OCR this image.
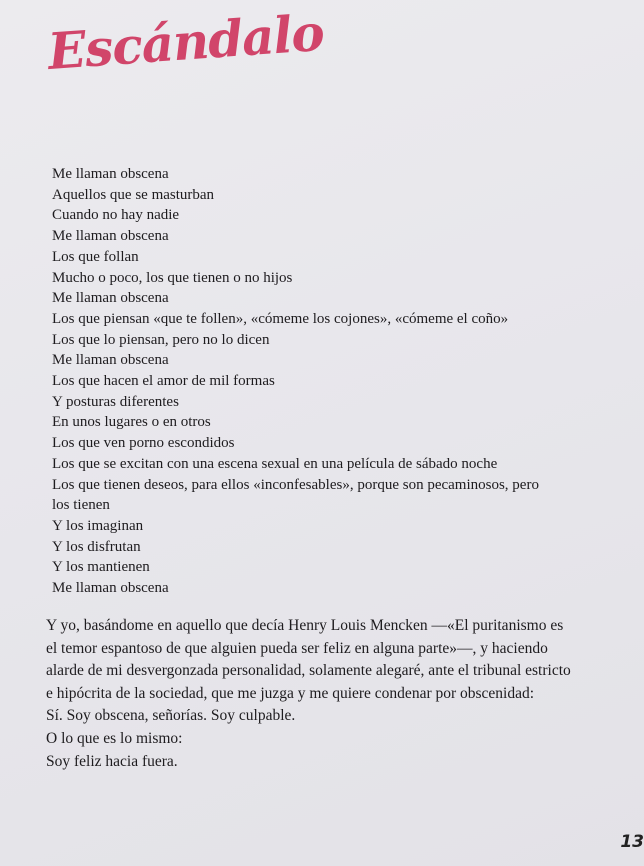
Escándalo
Me llaman obscena
Aquellos que se masturban
Cuando no hay nadie
Me llaman obscena
Los que follan
Mucho o poco, los que tienen o no hijos
Me llaman obscena
Los que piensan «que te follen», «cómeme los cojones», «cómeme el coño»
Los que lo piensan, pero no lo dicen
Me llaman obscena
Los que hacen el amor de mil formas
Y posturas diferentes
En unos lugares o en otros
Los que ven porno escondidos
Los que se excitan con una escena sexual en una película de sábado noche
Los que tienen deseos, para ellos «inconfesables», porque son pecaminosos, pero
los tienen
Y los imaginan
Y los disfrutan
Y los mantienen
Me llaman obscena
Y yo, basándome en aquello que decía Henry Louis Mencken —«El puritanismo es
el temor espantoso de que alguien pueda ser feliz en alguna parte»—, y haciendo
alarde de mi desvergonzada personalidad, solamente alegaré, ante el tribunal estricto
e hipócrita de la sociedad, que me juzga y me quiere condenar por obscenidad:
Sí. Soy obscena, señorías. Soy culpable.
O lo que es lo mismo:
Soy feliz hacia fuera.
13
